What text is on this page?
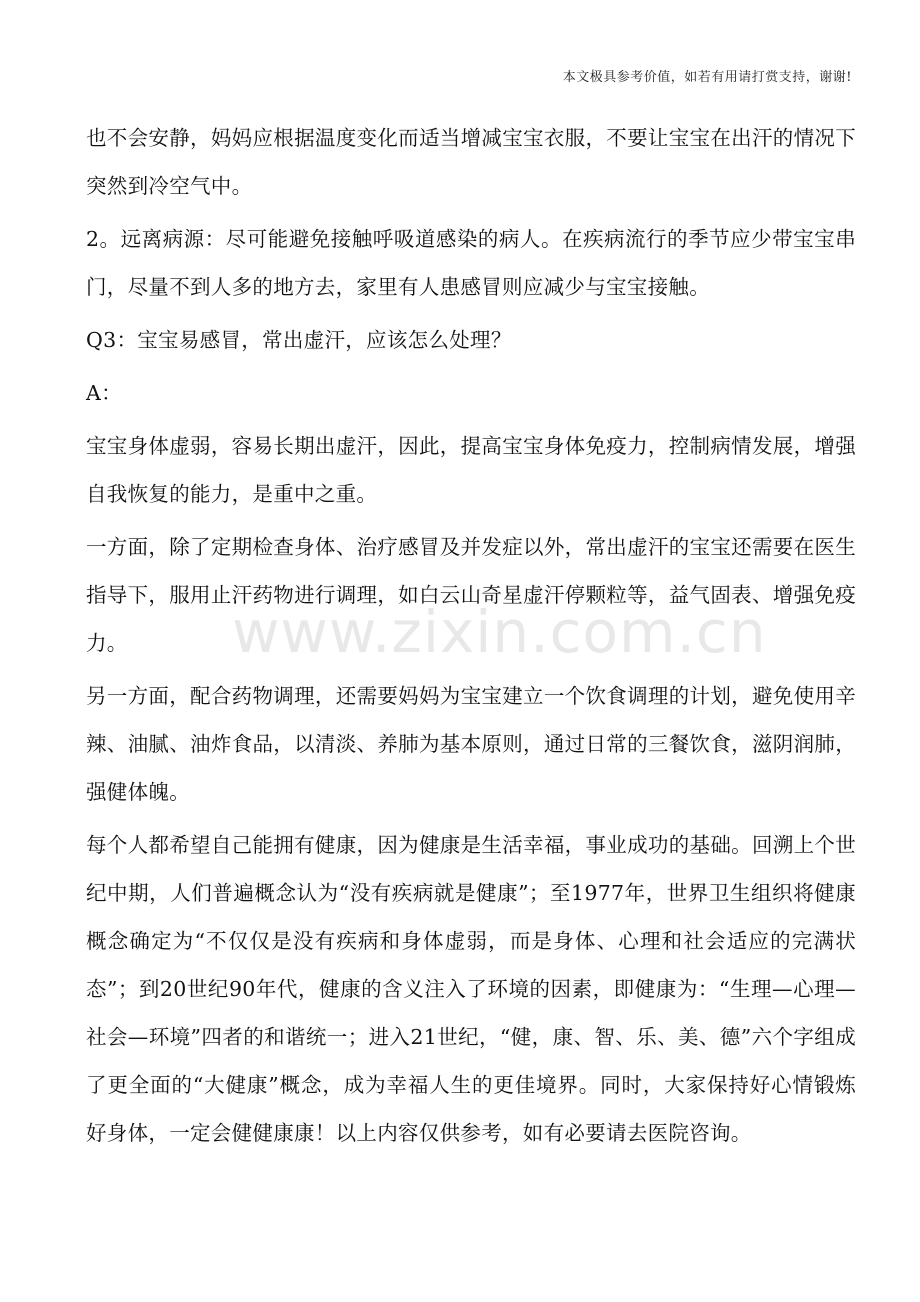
本文极具参考价值，如若有用请打赏支持，谢谢!
www.zixin.com.cn

也不会安静，妈妈应根据温度变化而适当增减宝宝衣服，不要让宝宝在出汗的情况下突然到冷空气中。

2。远离病源：尽可能避免接触呼吸道感染的病人。在疾病流行的季节应少带宝宝串门，尽量不到人多的地方去，家里有人患感冒则应减少与宝宝接触。

Q3：宝宝易感冒，常出虚汗，应该怎么处理？

A：

宝宝身体虚弱，容易长期出虚汗，因此，提高宝宝身体免疫力，控制病情发展，增强自我恢复的能力，是重中之重。

一方面，除了定期检查身体、治疗感冒及并发症以外，常出虚汗的宝宝还需要在医生指导下，服用止汗药物进行调理，如白云山奇星虚汗停颗粒等，益气固表、增强免疫力。

另一方面，配合药物调理，还需要妈妈为宝宝建立一个饮食调理的计划，避免使用辛辣、油腻、油炸食品，以清淡、养肺为基本原则，通过日常的三餐饮食，滋阴润肺，强健体魄。

每个人都希望自己能拥有健康，因为健康是生活幸福，事业成功的基础。回溯上个世纪中期，人们普遍概念认为“没有疾病就是健康”；至1977年，世界卫生组织将健康概念确定为“不仅仅是没有疾病和身体虚弱，而是身体、心理和社会适应的完满状态”；到20世纪90年代，健康的含义注入了环境的因素，即健康为：“生理—心理—社会—环境”四者的和谐统一；进入21世纪，“健，康、智、乐、美、德”六个字组成了更全面的“大健康”概念，成为幸福人生的更佳境界。同时，大家保持好心情锻炼好身体，一定会健健康康！以上内容仅供参考，如有必要请去医院咨询。
